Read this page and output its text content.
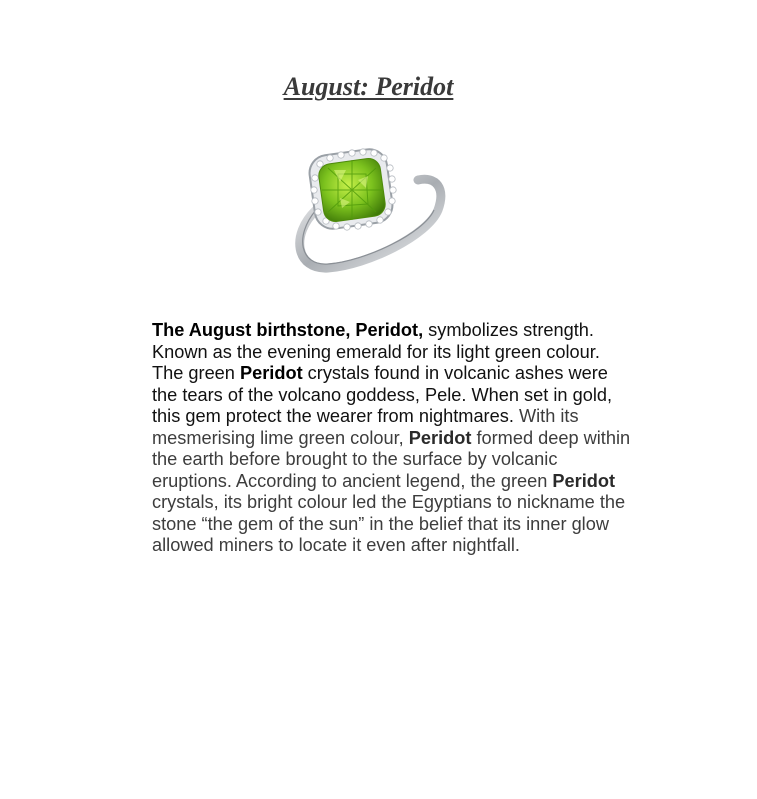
August: Peridot
The August birthstone, Peridot, symbolizes strength. Known as the evening emerald for its light green colour. The green Peridot crystals found in volcanic ashes were the tears of the volcano goddess, Pele. When set in gold, this gem protect the wearer from nightmares. With its mesmerising lime green colour, Peridot formed deep within the earth before brought to the surface by volcanic eruptions. According to ancient legend, the green Peridot crystals, its bright colour led the Egyptians to nickname the stone “the gem of the sun” in the belief that its inner glow allowed miners to locate it even after nightfall.
